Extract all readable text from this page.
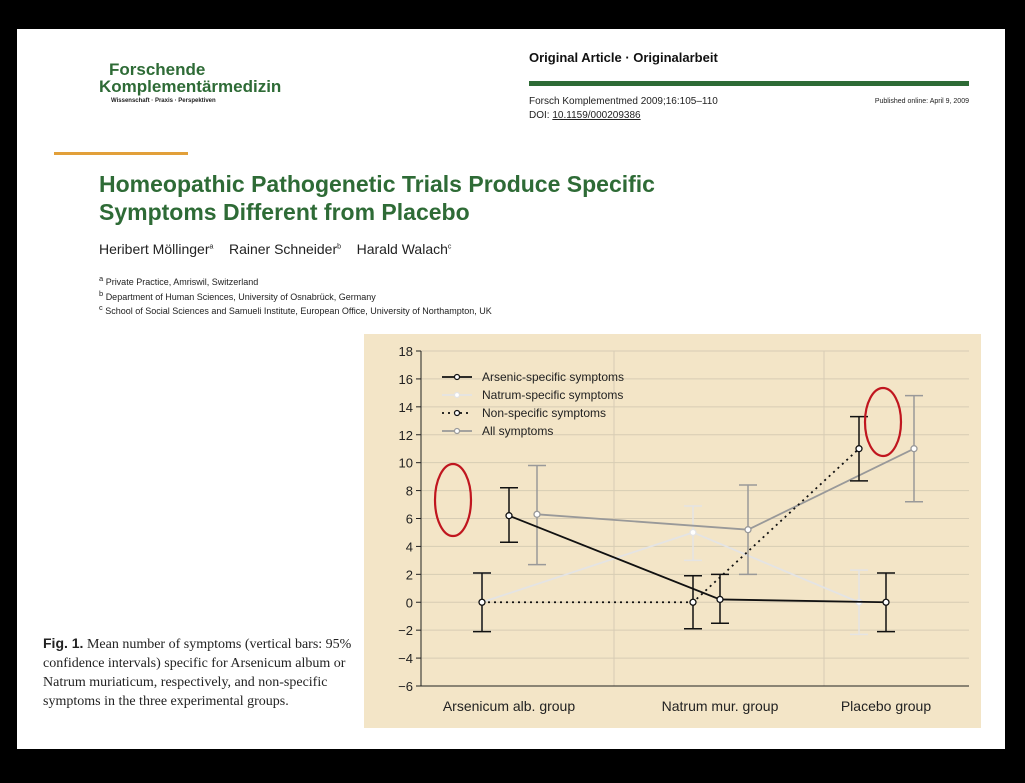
Forschende
Komplementärmedizin
Wissenschaft · Praxis · Perspektiven
Original Article · Originalarbeit
Forsch Komplementmed 2009;16:105–110
DOI: 10.1159/000209386
Published online: April 9, 2009
Homeopathic Pathogenetic Trials Produce Specific
Symptoms Different from Placebo
Heribert Möllinger$^a$ Rainer Schneider$^b$ Harald Walach$^c$
$^a$ Private Practice, Amriswil, Switzerland
$^b$ Department of Human Sciences, University of Osnabrück, Germany
$^c$ School of Social Sciences and Samueli Institute, European Office, University of Northampton, UK
−6
−4
−2
0
2
4
6
8
10
12
14
16
18
Arsenicum alb. group	Natrum mur. group	Placebo group
Arsenic-specific symptoms
Natrum-specific symptoms
Non-specific symptoms
All symptoms
Fig. 1. Mean number of symptoms (vertical bars: 95% confidence intervals) specific for Arsenicum album or Natrum muriaticum, respectively, and non-specific symptoms in the three experimental groups.
